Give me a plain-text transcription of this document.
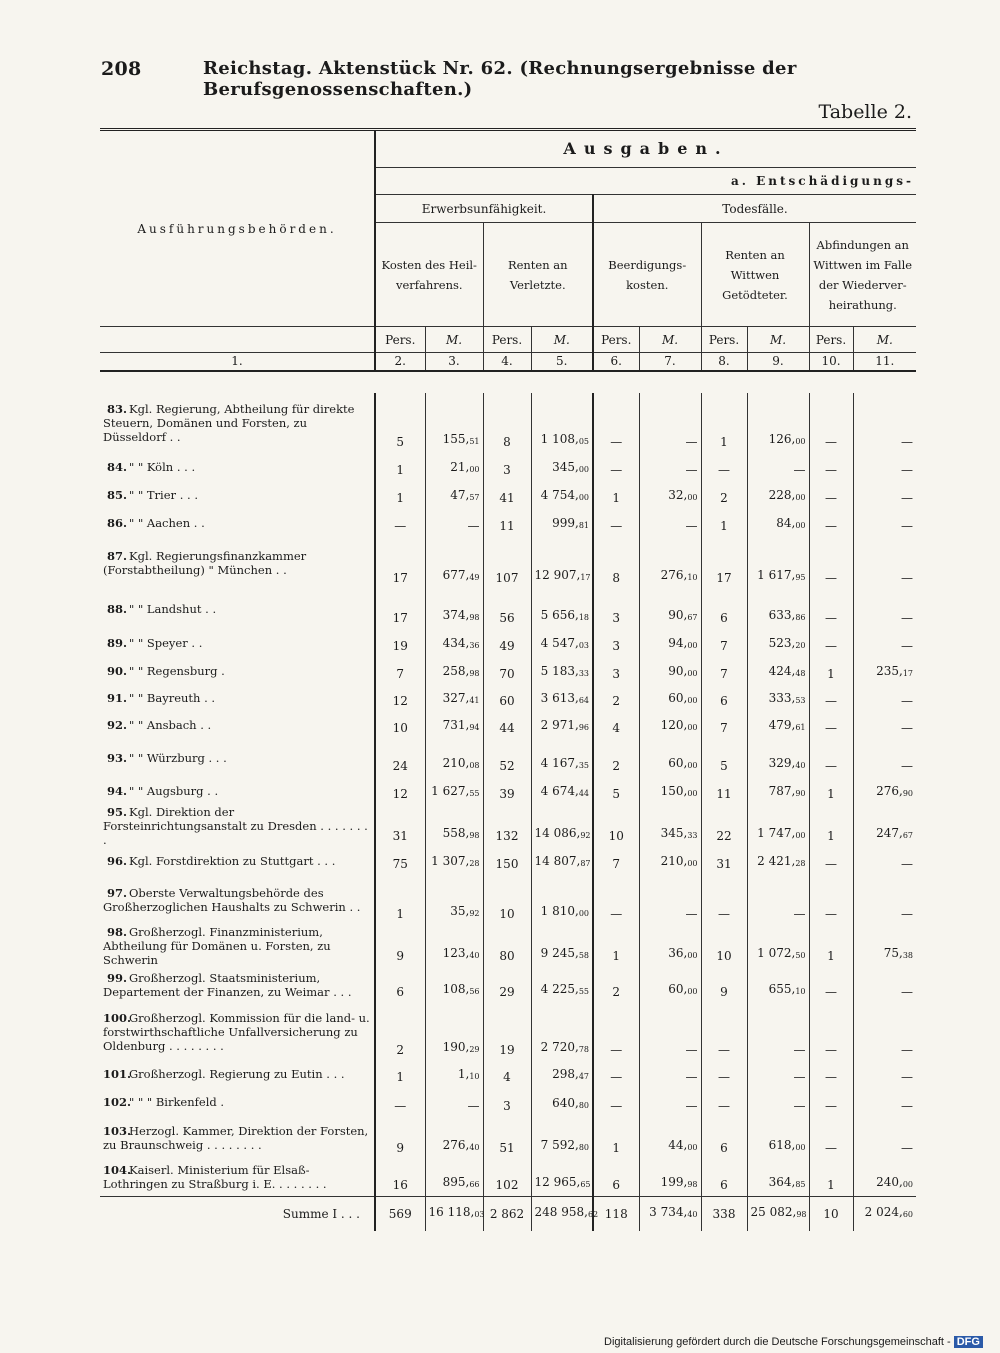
208	Reichstag. Aktenstück Nr. 62. (Rechnungsergebnisse der Berufsgenossenschaften.)
Tabelle 2.
Ausführungsbehörden.	Ausgaben.									
	a. Entschädigungs-									
	Erwerbsunfähigkeit.				Todesfälle.					
	Kosten des Heil- verfahrens.		Renten an Verletzte.		Beerdigungs- kosten.		Renten an Wittwen Getödteter.		Abfindungen an Wittwen im Falle der Wiederver- heirathung.	
	Pers.	M.	Pers.	M.	Pers.	M.	Pers.	M.	Pers.	M.
1.	2.	3.	4.	5.	6.	7.	8.	9.	10.	11.

83. Kgl. Regierung, Abtheilung für direkte Steuern, Domänen und Forsten, zu Düsseldorf . .	5	155,51	8	1 108,05	—	—	1	126,00	—	—
84. " " Köln . . .	1	21,00	3	345,00	—	—	—	—	—	—
85. " " Trier . . .	1	47,57	41	4 754,00	1	32,00	2	228,00	—	—
86. " " Aachen . .	—	—	11	999,81	—	—	1	84,00	—	—
87. Kgl. Regierungsfinanzkammer (Forstabtheilung) " München . .	17	677,49	107	12 907,17	8	276,10	17	1 617,95	—	—
88. " " Landshut . .	17	374,98	56	5 656,18	3	90,67	6	633,86	—	—
89. " " Speyer . .	19	434,36	49	4 547,03	3	94,00	7	523,20	—	—
90. " " Regensburg .	7	258,98	70	5 183,33	3	90,00	7	424,48	1	235,17
91. " " Bayreuth . .	12	327,41	60	3 613,64	2	60,00	6	333,53	—	—
92. " " Ansbach . .	10	731,94	44	2 971,96	4	120,00	7	479,61	—	—
93. " " Würzburg . . .	24	210,08	52	4 167,35	2	60,00	5	329,40	—	—
94. " " Augsburg . .	12	1 627,55	39	4 674,44	5	150,00	11	787,90	1	276,90
95. Kgl. Direktion der Forsteinrichtungsanstalt zu Dresden . . . . . . . .	31	558,98	132	14 086,92	10	345,33	22	1 747,00	1	247,67
96. Kgl. Forstdirektion zu Stuttgart . . .	75	1 307,28	150	14 807,87	7	210,00	31	2 421,28	—	—
97. Oberste Verwaltungsbehörde des Großherzoglichen Haushalts zu Schwerin . .	1	35,92	10	1 810,00	—	—	—	—	—	—
98. Großherzogl. Finanzministerium, Abtheilung für Domänen u. Forsten, zu Schwerin	9	123,40	80	9 245,58	1	36,00	10	1 072,50	1	75,38
99. Großherzogl. Staatsministerium, Departement der Finanzen, zu Weimar . . .	6	108,56	29	4 225,55	2	60,00	9	655,10	—	—
100.Großherzogl. Kommission für die land- u. forstwirthschaftliche Unfallversicherung zu Oldenburg . . . . . . . .	2	190,29	19	2 720,78	—	—	—	—	—	—
101.Großherzogl. Regierung zu Eutin . . .	1	1,10	4	298,47	—	—	—	—	—	—
102." " " Birkenfeld .	—	—	3	640,80	—	—	—	—	—	—
103.Herzogl. Kammer, Direktion der Forsten, zu Braunschweig . . . . . . . .	9	276,40	51	7 592,80	1	44,00	6	618,00	—	—
104.Kaiserl. Ministerium für Elsaß-Lothringen zu Straßburg i. E. . . . . . . .	16	895,66	102	12 965,65	6	199,98	6	364,85	1	240,00
Summe I . . .	569	16 118,03	2 862	248 958,62	118	3 734,40	338	25 082,98	10	2 024,60
Digitalisierung gefördert durch die Deutsche Forschungsgemeinschaft - DFG
